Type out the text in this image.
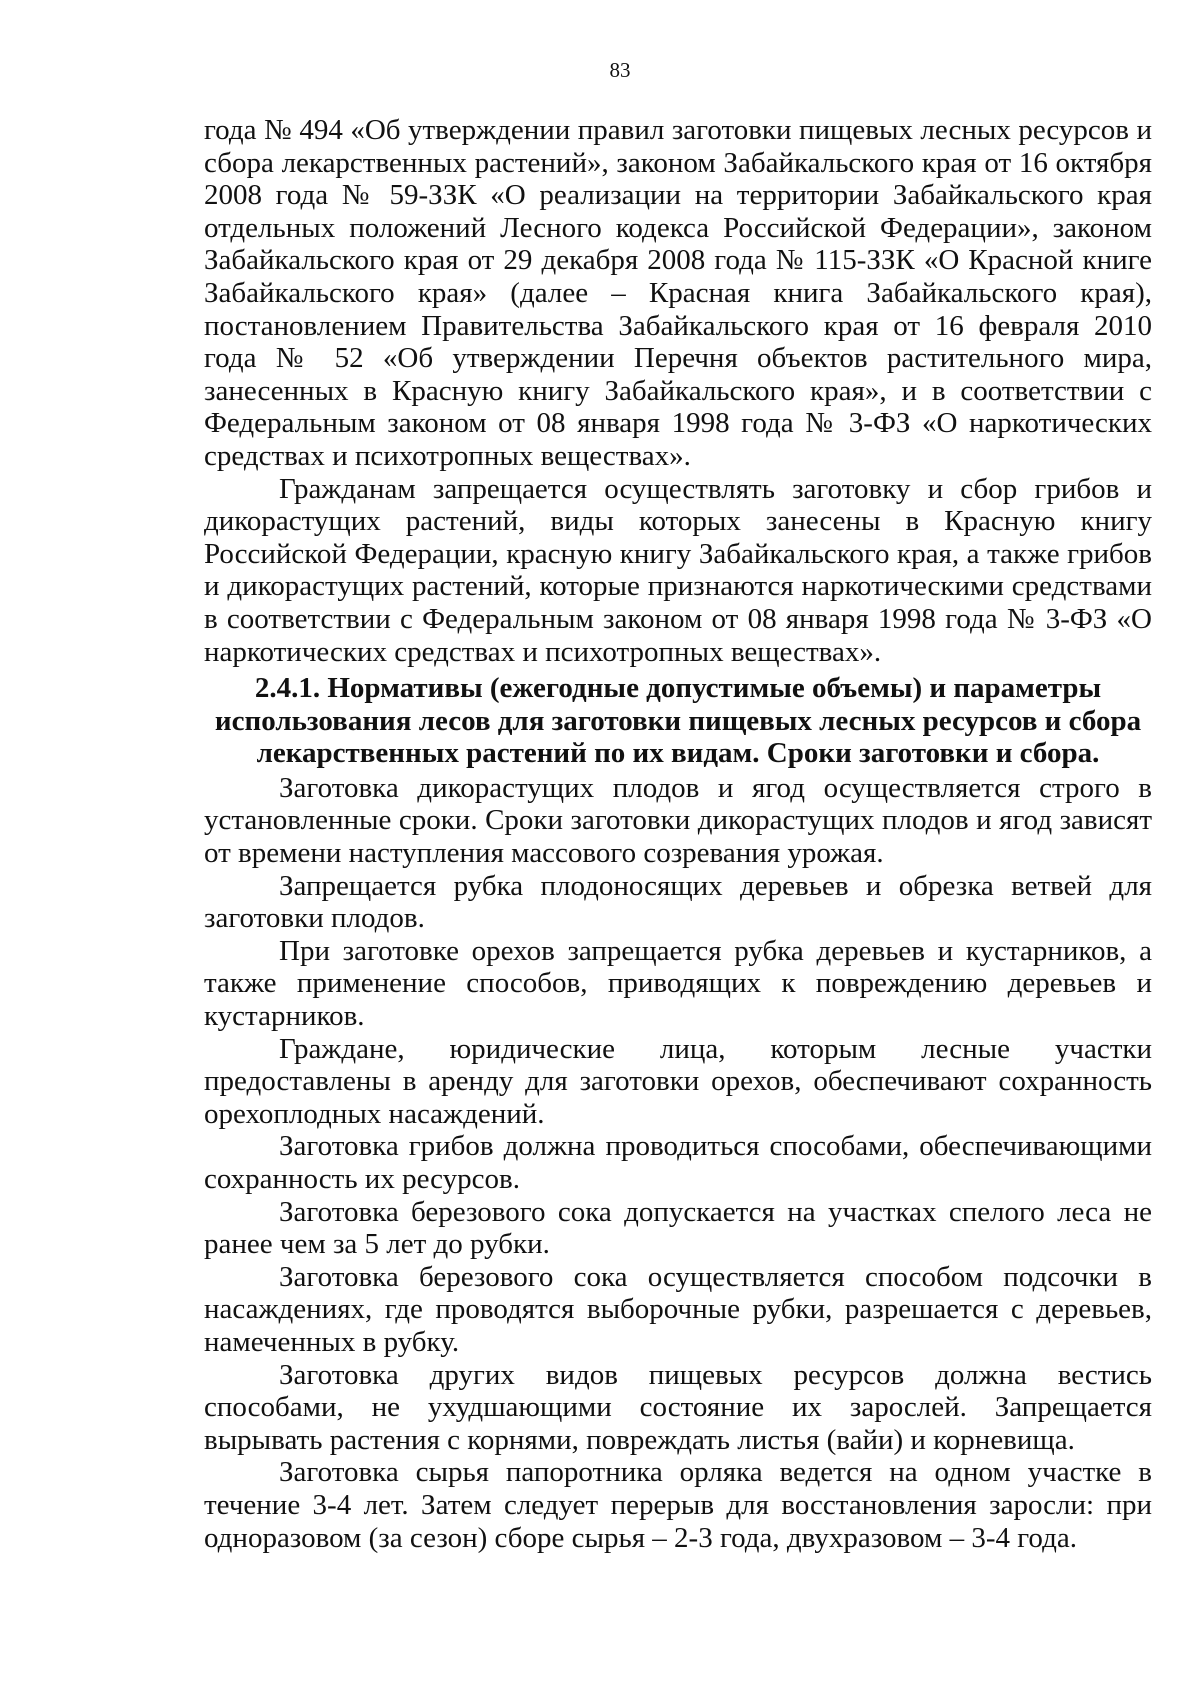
83

года № 494 «Об утверждении правил заготовки пищевых лесных ресурсов и сбора лекарственных растений», законом Забайкальского края от 16 октября 2008 года № 59-ЗЗК «О реализации на территории Забайкальского края отдельных положений Лесного кодекса Российской Федерации», законом Забайкальского края от 29 декабря 2008 года № 115-ЗЗК «О Красной книге Забайкальского края» (далее – Красная книга Забайкальского края), постановлением Правительства Забайкальского края от 16 февраля 2010 года № 52 «Об утверждении Перечня объектов растительного мира, занесенных в Красную книгу Забайкальского края», и в соответствии с Федеральным законом от 08 января 1998 года № 3-ФЗ «О наркотических средствах и психотропных веществах».

Гражданам запрещается осуществлять заготовку и сбор грибов и дикорастущих растений, виды которых занесены в Красную книгу Российской Федерации, красную книгу Забайкальского края, а также грибов и дикорастущих растений, которые признаются наркотическими средствами в соответствии с Федеральным законом от 08 января 1998 года № 3-ФЗ «О наркотических средствах и психотропных веществах».

2.4.1. Нормативы (ежегодные допустимые объемы) и параметры использования лесов для заготовки пищевых лесных ресурсов и сбора лекарственных растений по их видам. Сроки заготовки и сбора.

Заготовка дикорастущих плодов и ягод осуществляется строго в установленные сроки. Сроки заготовки дикорастущих плодов и ягод зависят от времени наступления массового созревания урожая.

Запрещается рубка плодоносящих деревьев и обрезка ветвей для заготовки плодов.

При заготовке орехов запрещается рубка деревьев и кустарников, а также применение способов, приводящих к повреждению деревьев и кустарников.

Граждане, юридические лица, которым лесные участки предоставлены в аренду для заготовки орехов, обеспечивают сохранность орехоплодных насаждений.

Заготовка грибов должна проводиться способами, обеспечивающими сохранность их ресурсов.

Заготовка березового сока допускается на участках спелого леса не ранее чем за 5 лет до рубки.

Заготовка березового сока осуществляется способом подсочки в насаждениях, где проводятся выборочные рубки, разрешается с деревьев, намеченных в рубку.

Заготовка других видов пищевых ресурсов должна вестись способами, не ухудшающими состояние их зарослей. Запрещается вырывать растения с корнями, повреждать листья (вайи) и корневища.

Заготовка сырья папоротника орляка ведется на одном участке в течение 3-4 лет. Затем следует перерыв для восстановления заросли: при одноразовом (за сезон) сборе сырья – 2-3 года, двухразовом – 3-4 года.
